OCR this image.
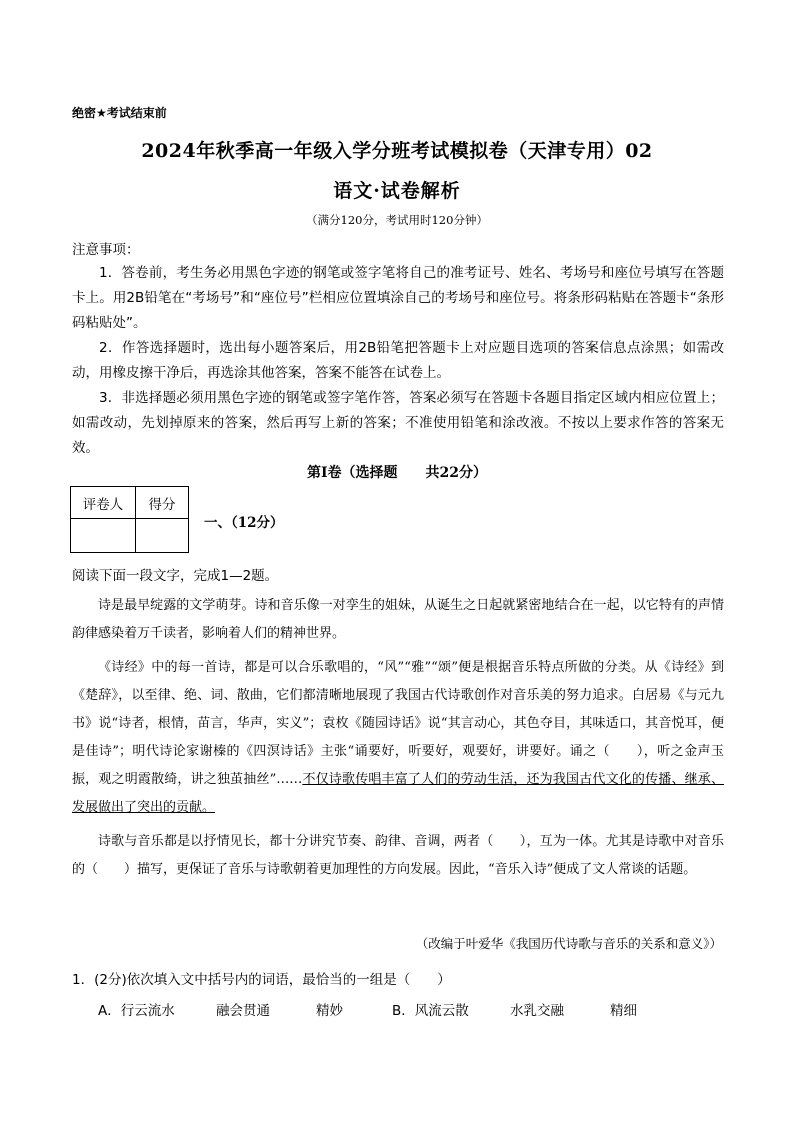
绝密★考试结束前
2024年秋季高一年级入学分班考试模拟卷（天津专用）02
语文·试卷解析
（满分120分，考试用时120分钟）
注意事项：

1．答卷前，考生务必用黑色字迹的钢笔或签字笔将自己的准考证号、姓名、考场号和座位号填写在答题卡上。用2B铅笔在“考场号”和“座位号”栏相应位置填涂自己的考场号和座位号。将条形码粘贴在答题卡“条形码粘贴处”。

2．作答选择题时，选出每小题答案后，用2B铅笔把答题卡上对应题目选项的答案信息点涂黑；如需改动，用橡皮擦干净后，再选涂其他答案，答案不能答在试卷上。

3．非选择题必须用黑色字迹的钢笔或签字笔作答，答案必须写在答题卡各题目指定区域内相应位置上；如需改动，先划掉原来的答案，然后再写上新的答案；不准使用铅笔和涂改液。不按以上要求作答的答案无效。

第Ⅰ卷（选择题 共22分）
评卷人	得分

一、（12分）
阅读下面一段文字，完成1—2题。

诗是最早绽露的文学萌芽。诗和音乐像一对孪生的姐妹，从诞生之日起就紧密地结合在一起，以它特有的声情韵律感染着万千读者，影响着人们的精神世界。

《诗经》中的每一首诗，都是可以合乐歌唱的，“风”“雅”“颂”便是根据音乐特点所做的分类。从《诗经》到《楚辞》，以至律、绝、词、散曲，它们都清晰地展现了我国古代诗歌创作对音乐美的努力追求。白居易《与元九书》说“诗者，根情，苗言，华声，实义”；袁枚《随园诗话》说“其言动心，其色夺目，其味适口，其音悦耳，便是佳诗”；明代诗论家谢榛的《四溟诗话》主张“诵要好，听要好，观要好，讲要好。诵之（　　），听之金声玉振，观之明霞散绮，讲之独茧抽丝”……不仅诗歌传唱丰富了人们的劳动生活，还为我国古代文化的传播、继承、发展做出了突出的贡献。

诗歌与音乐都是以抒情见长，都十分讲究节奏、韵律、音调，两者（　　），互为一体。尤其是诗歌中对音乐的（　　）描写，更保证了音乐与诗歌朝着更加理性的方向发展。因此，“音乐入诗”便成了文人常谈的话题。

（改编于叶爱华《我国历代诗歌与音乐的关系和意义》）
1．(2分)依次填入文中括号内的词语，最恰当的一组是（　　）
A．行云流水	融会贯通	精妙	B．风流云散	水乳交融	精细
